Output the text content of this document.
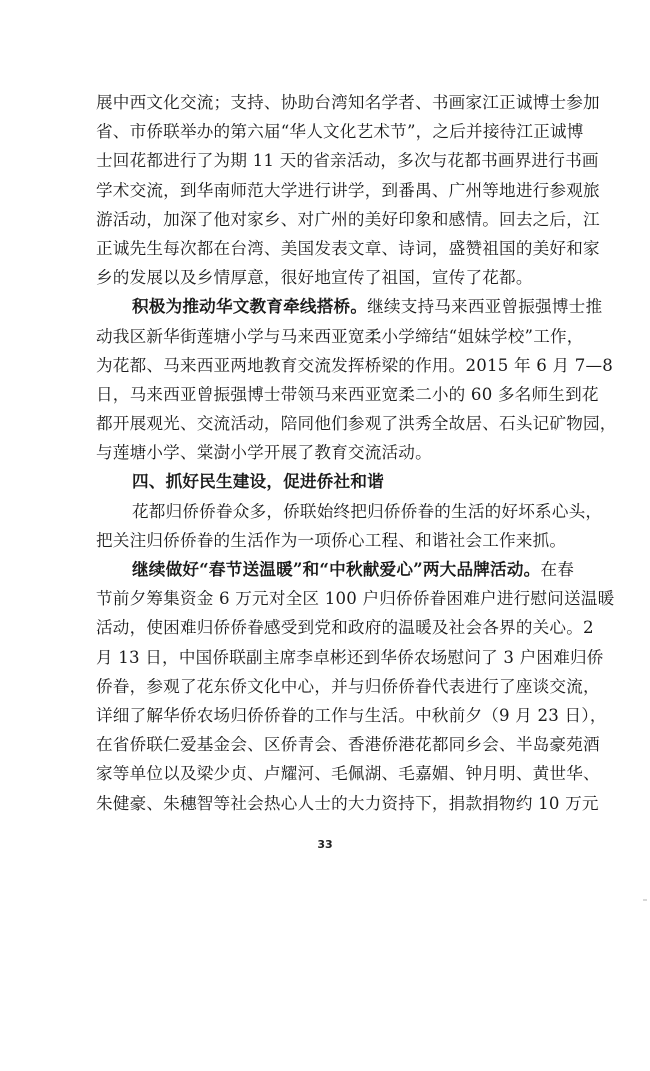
展中西文化交流；支持、协助台湾知名学者、书画家江正诚博士参加
省、市侨联举办的第六届“华人文化艺术节”，之后并接待江正诚博
士回花都进行了为期 11 天的省亲活动，多次与花都书画界进行书画
学术交流，到华南师范大学进行讲学，到番禺、广州等地进行参观旅
游活动，加深了他对家乡、对广州的美好印象和感情。回去之后，江
正诚先生每次都在台湾、美国发表文章、诗词，盛赞祖国的美好和家
乡的发展以及乡情厚意，很好地宣传了祖国，宣传了花都。
积极为推动华文教育牵线搭桥。继续支持马来西亚曾振强博士推
动我区新华街莲塘小学与马来西亚宽柔小学缔结“姐妹学校”工作，
为花都、马来西亚两地教育交流发挥桥梁的作用。2015 年 6 月 7—8
日，马来西亚曾振强博士带领马来西亚宽柔二小的 60 多名师生到花
都开展观光、交流活动，陪同他们参观了洪秀全故居、石头记矿物园，
与莲塘小学、棠澍小学开展了教育交流活动。
四、抓好民生建设，促进侨社和谐
花都归侨侨眷众多，侨联始终把归侨侨眷的生活的好坏系心头，
把关注归侨侨眷的生活作为一项侨心工程、和谐社会工作来抓。
继续做好“春节送温暖”和“中秋献爱心”两大品牌活动。在春
节前夕筹集资金 6 万元对全区 100 户归侨侨眷困难户进行慰问送温暖
活动，使困难归侨侨眷感受到党和政府的温暖及社会各界的关心。2
月 13 日，中国侨联副主席李卓彬还到华侨农场慰问了 3 户困难归侨
侨眷，参观了花东侨文化中心，并与归侨侨眷代表进行了座谈交流，
详细了解华侨农场归侨侨眷的工作与生活。中秋前夕（9 月 23 日），
在省侨联仁爱基金会、区侨青会、香港侨港花都同乡会、半岛豪苑酒
家等单位以及梁少贞、卢耀河、毛佩湖、毛嘉媚、钟月明、黄世华、
朱健豪、朱穗智等社会热心人士的大力资持下，捐款捐物约 10 万元
33
